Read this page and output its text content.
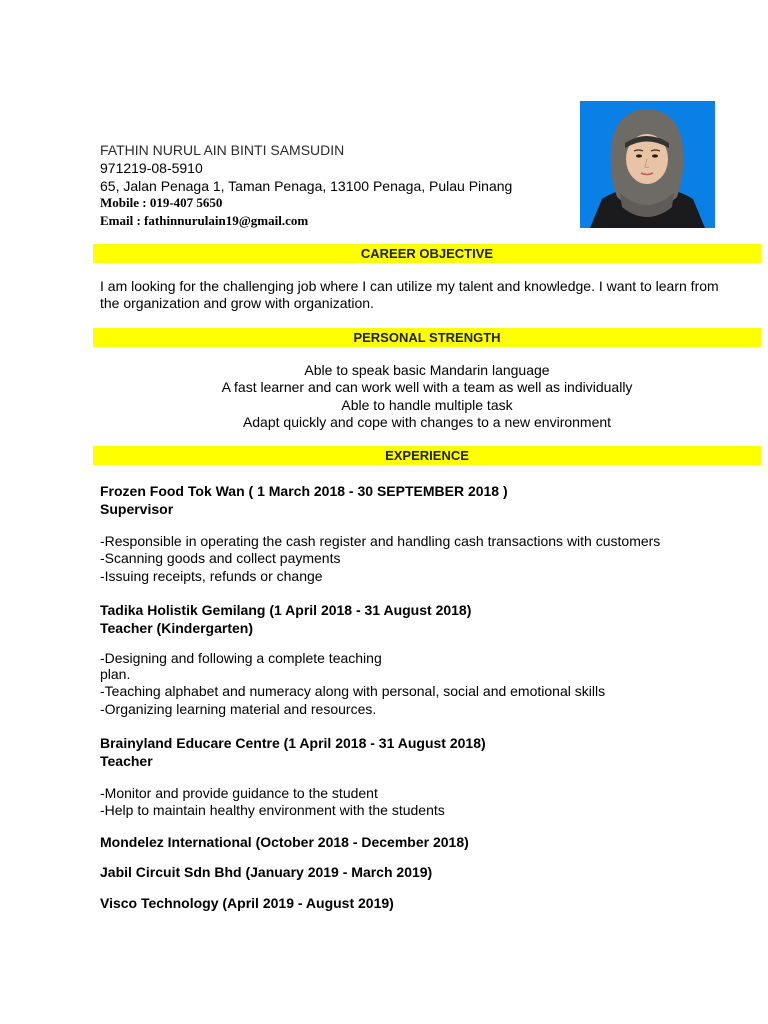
FATHIN NURUL AIN BINTI SAMSUDIN
971219-08-5910
65, Jalan Penaga 1, Taman Penaga, 13100 Penaga, Pulau Pinang
Mobile : 019-407 5650
Email : fathinnurulain19@gmail.com
CAREER OBJECTIVE
I am looking for the challenging job where I can utilize my talent and knowledge. I want to learn from the organization and grow with organization.
PERSONAL STRENGTH
Able to speak basic Mandarin language
A fast learner and can work well with a team as well as individually
Able to handle multiple task
Adapt quickly and cope with changes to a new environment
EXPERIENCE
Frozen Food Tok Wan ( 1 March 2018 - 30 SEPTEMBER 2018 )
Supervisor
-Responsible in operating the cash register and handling cash transactions with customers
-Scanning goods and collect payments
-Issuing receipts, refunds or change
Tadika Holistik Gemilang (1 April 2018 - 31 August 2018)
Teacher (Kindergarten)
-Designing and following a complete teaching
plan.
-Teaching alphabet and numeracy along with personal, social and emotional skills
-Organizing learning material and resources.
Brainyland Educare Centre (1 April 2018 - 31 August 2018)
Teacher
-Monitor and provide guidance to the student
-Help to maintain healthy environment with the students
Mondelez International (October 2018 - December 2018)
Jabil Circuit Sdn Bhd (January 2019 - March 2019)
Visco Technology (April 2019 - August 2019)
